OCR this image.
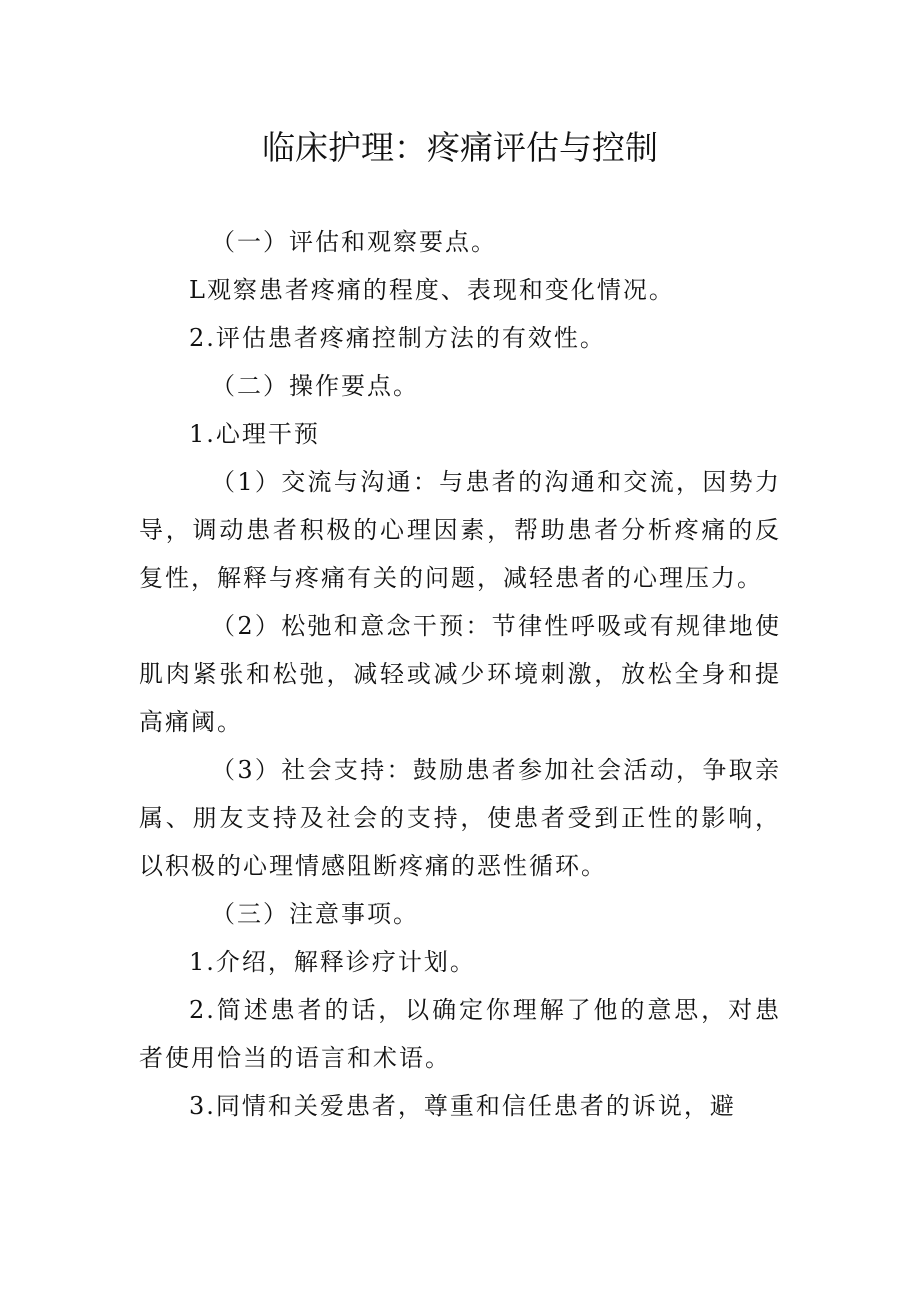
临床护理：疼痛评估与控制

（一）评估和观察要点。

L观察患者疼痛的程度、表现和变化情况。

2.评估患者疼痛控制方法的有效性。

（二）操作要点。

1.心理干预

（1）交流与沟通：与患者的沟通和交流，因势力导，调动患者积极的心理因素，帮助患者分析疼痛的反复性，解释与疼痛有关的问题，减轻患者的心理压力。

（2）松弛和意念干预：节律性呼吸或有规律地使肌肉紧张和松弛，减轻或减少环境刺激，放松全身和提高痛阈。

（3）社会支持：鼓励患者参加社会活动，争取亲属、朋友支持及社会的支持，使患者受到正性的影响，以积极的心理情感阻断疼痛的恶性循环。

（三）注意事项。

1.介绍，解释诊疗计划。

2.简述患者的话，以确定你理解了他的意思，对患者使用恰当的语言和术语。

3.同情和关爱患者，尊重和信任患者的诉说，避
